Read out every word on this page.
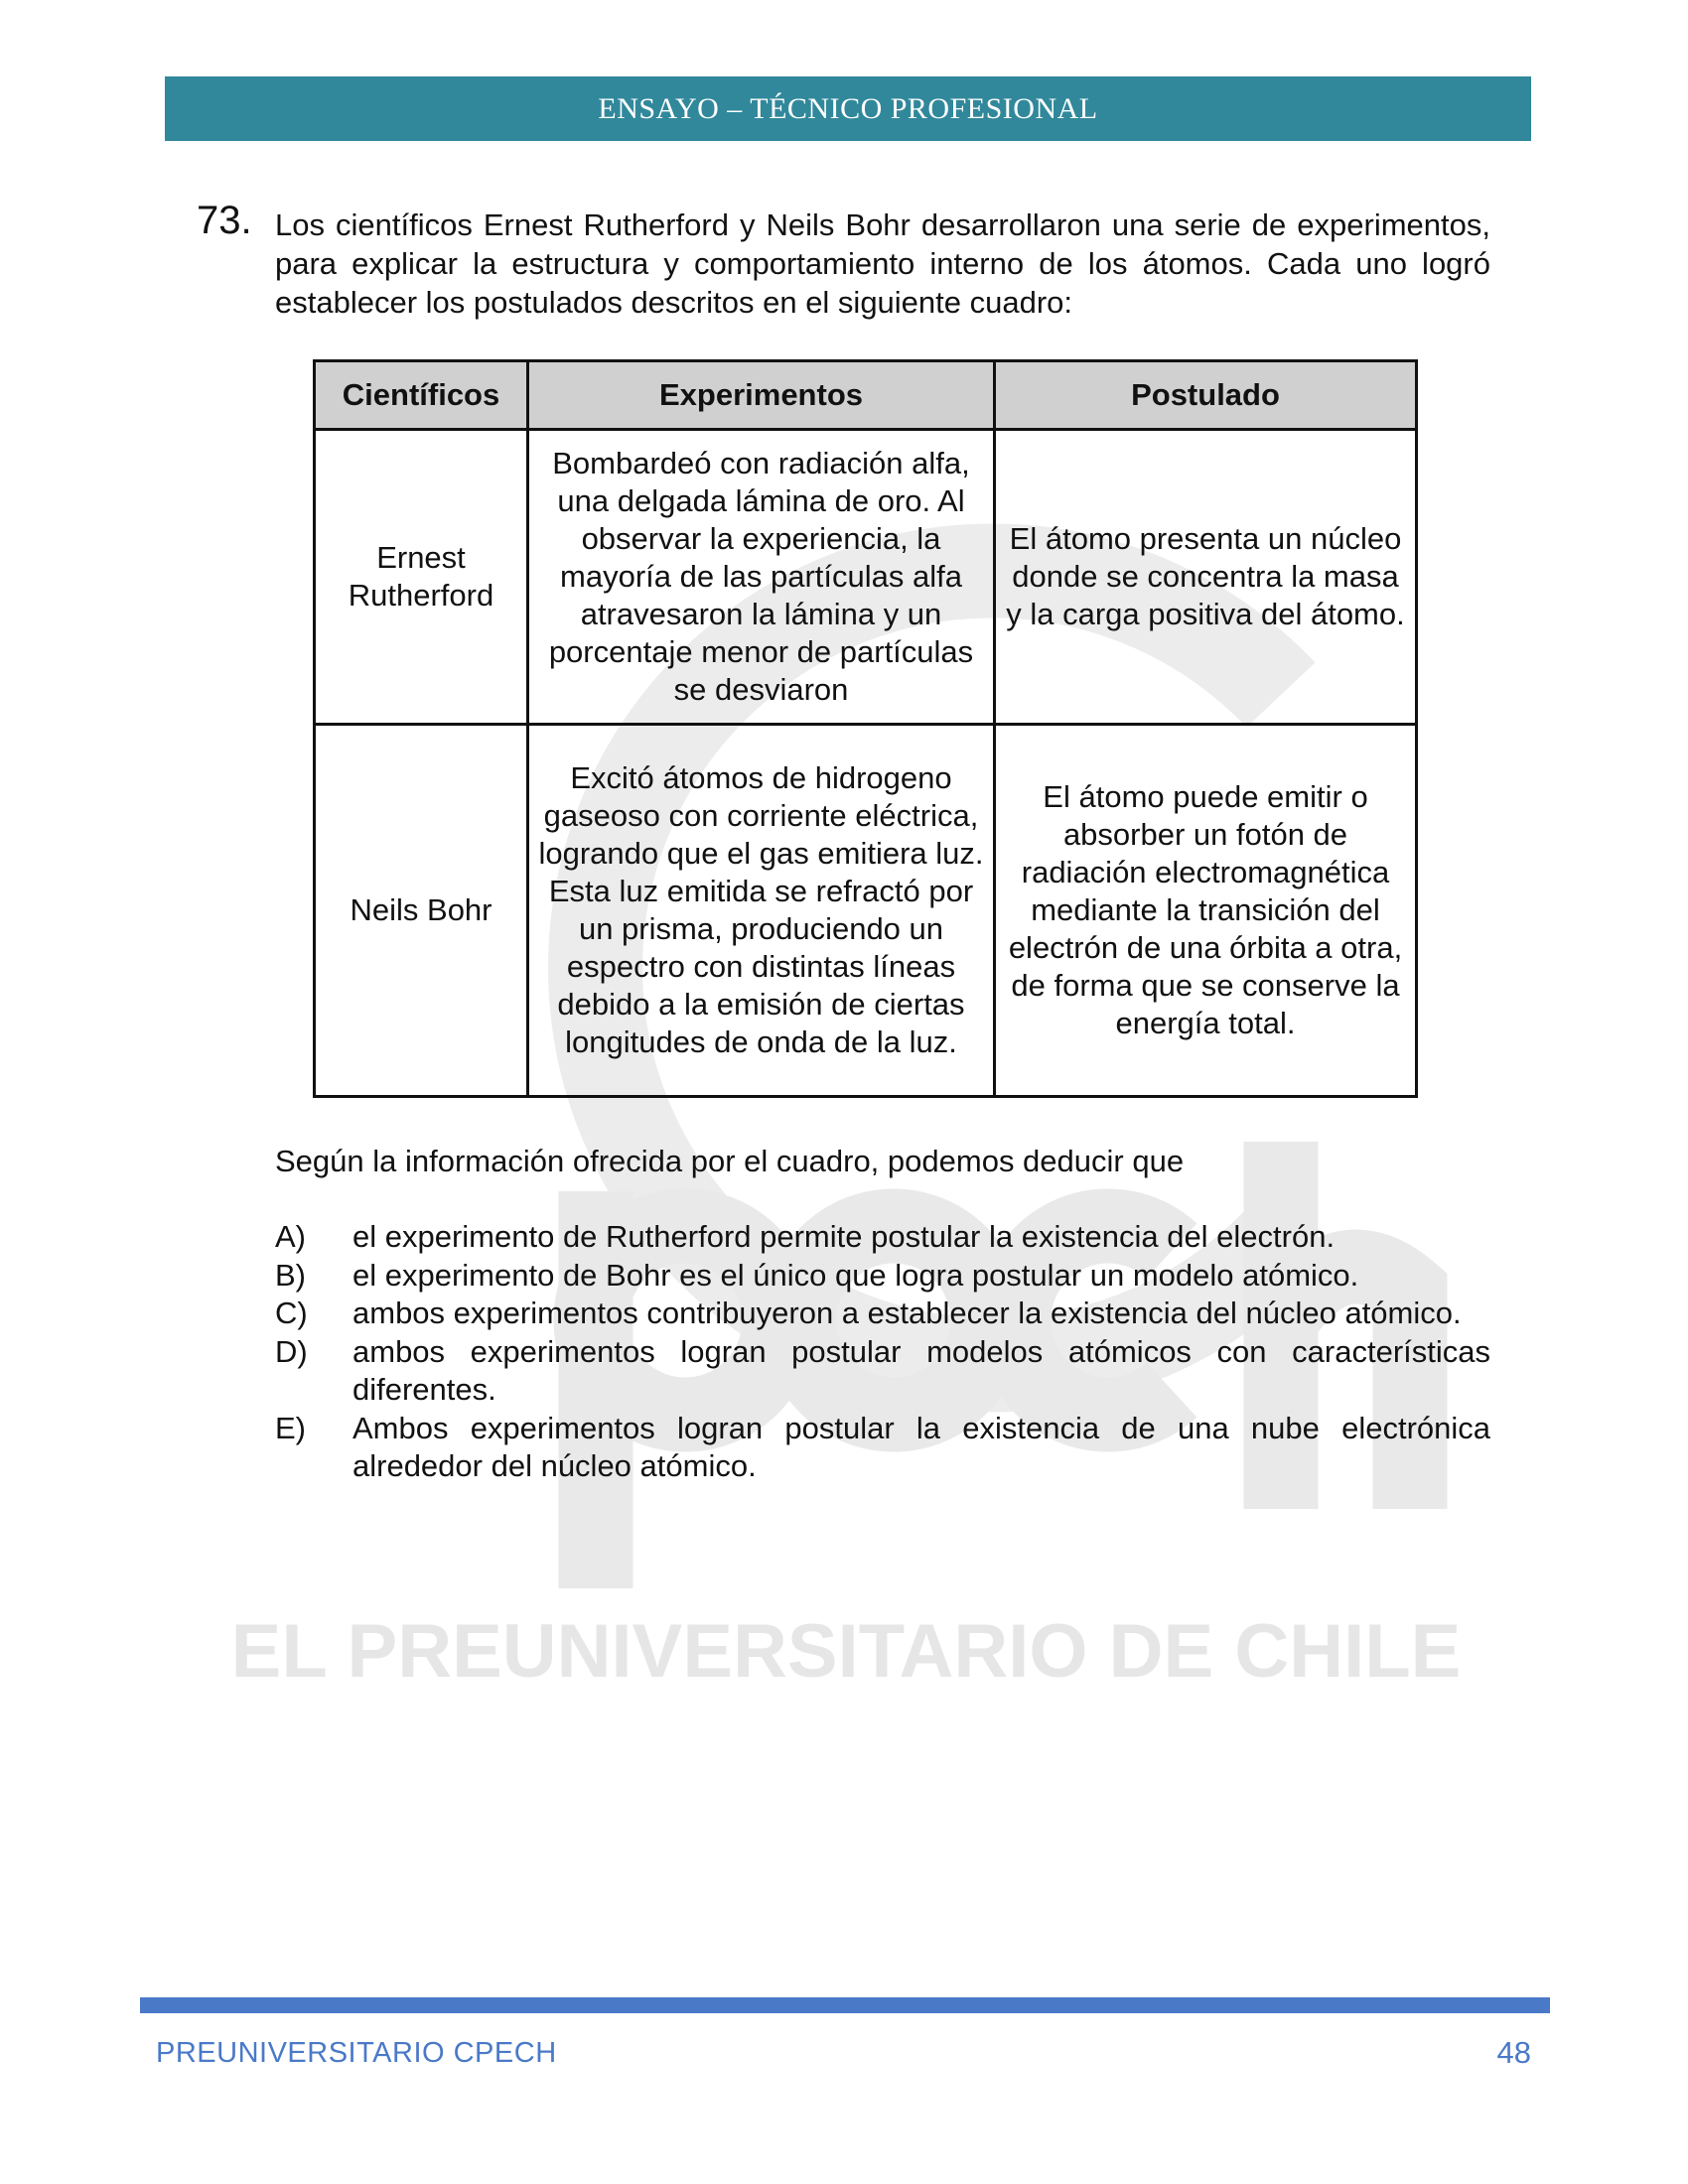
ENSAYO – TÉCNICO PROFESIONAL
EL PREUNIVERSITARIO DE CHILE
73. Los científicos Ernest Rutherford y Neils Bohr desarrollaron una serie de experimentos, para explicar la estructura y comportamiento interno de los átomos. Cada uno logró establecer los postulados descritos en el siguiente cuadro:

Científicos	Experimentos	Postulado
Ernest Rutherford	Bombardeó con radiación alfa, una delgada lámina de oro. Al observar la experiencia, la mayoría de las partículas alfa atravesaron la lámina y un porcentaje menor de partículas se desviaron	El átomo presenta un núcleo donde se concentra la masa y la carga positiva del átomo.
Neils Bohr	Excitó átomos de hidrogeno gaseoso con corriente eléctrica, logrando que el gas emitiera luz. Esta luz emitida se refractó por un prisma, produciendo un espectro con distintas líneas debido a la emisión de ciertas longitudes de onda de la luz.	El átomo puede emitir o absorber un fotón de radiación electromagnética mediante la transición del electrón de una órbita a otra, de forma que se conserve la energía total.

Según la información ofrecida por el cuadro, podemos deducir que

A)	el experimento de Rutherford permite postular la existencia del electrón.
B)	el experimento de Bohr es el único que logra postular un modelo atómico.
C)	ambos experimentos contribuyeron a establecer la existencia del núcleo atómico.
D)	ambos experimentos logran postular modelos atómicos con características diferentes.
E)	Ambos experimentos logran postular la existencia de una nube electrónica alrededor del núcleo atómico.
PREUNIVERSITARIO CPECH	48
